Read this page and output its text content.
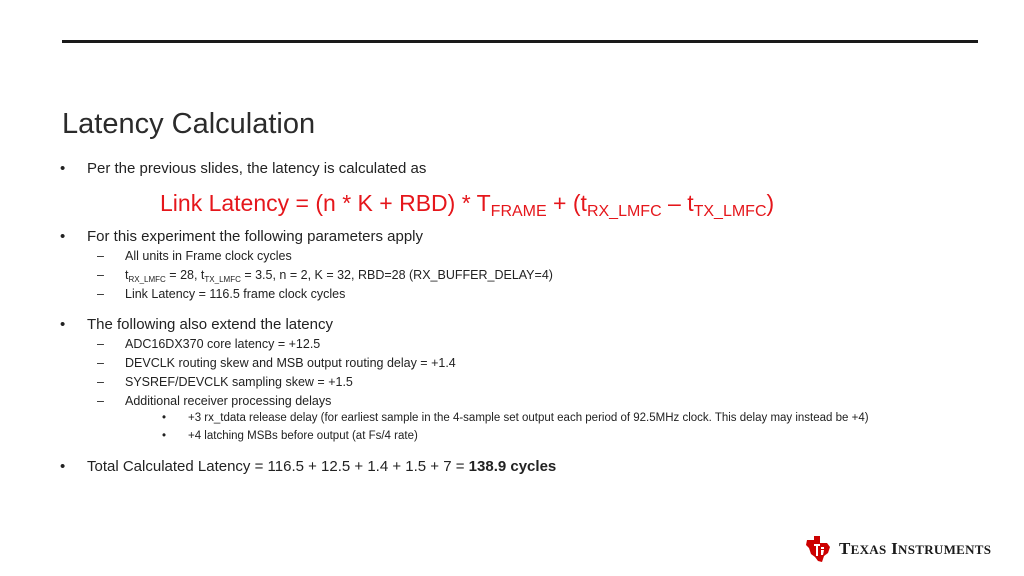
Latency Calculation
• Per the previous slides, the latency is calculated as
Link Latency = $(n * K + RBD) * T_{FRAME} + (t_{RX\_LMFC} - t_{TX\_LMFC})$
• For this experiment the following parameters apply
– All units in Frame clock cycles
– $t_{RX\_LMFC} = 28$, $t_{TX\_LMFC} = 3.5$, n = 2, K = 32, RBD=28 (RX_BUFFER_DELAY=4)
– Link Latency = 116.5 frame clock cycles
• The following also extend the latency
– ADC16DX370 core latency = +12.5
– DEVCLK routing skew and MSB output routing delay = +1.4
– SYSREF/DEVCLK sampling skew = +1.5
– Additional receiver processing delays
• +3 rx_tdata release delay (for earliest sample in the 4-sample set output each period of 92.5MHz clock. This delay may instead be +4)
• +4 latching MSBs before output (at Fs/4 rate)
• Total Calculated Latency = 116.5 + 12.5 + 1.4 + 1.5 + 7 = 138.9 cycles
TEXAS INSTRUMENTS
